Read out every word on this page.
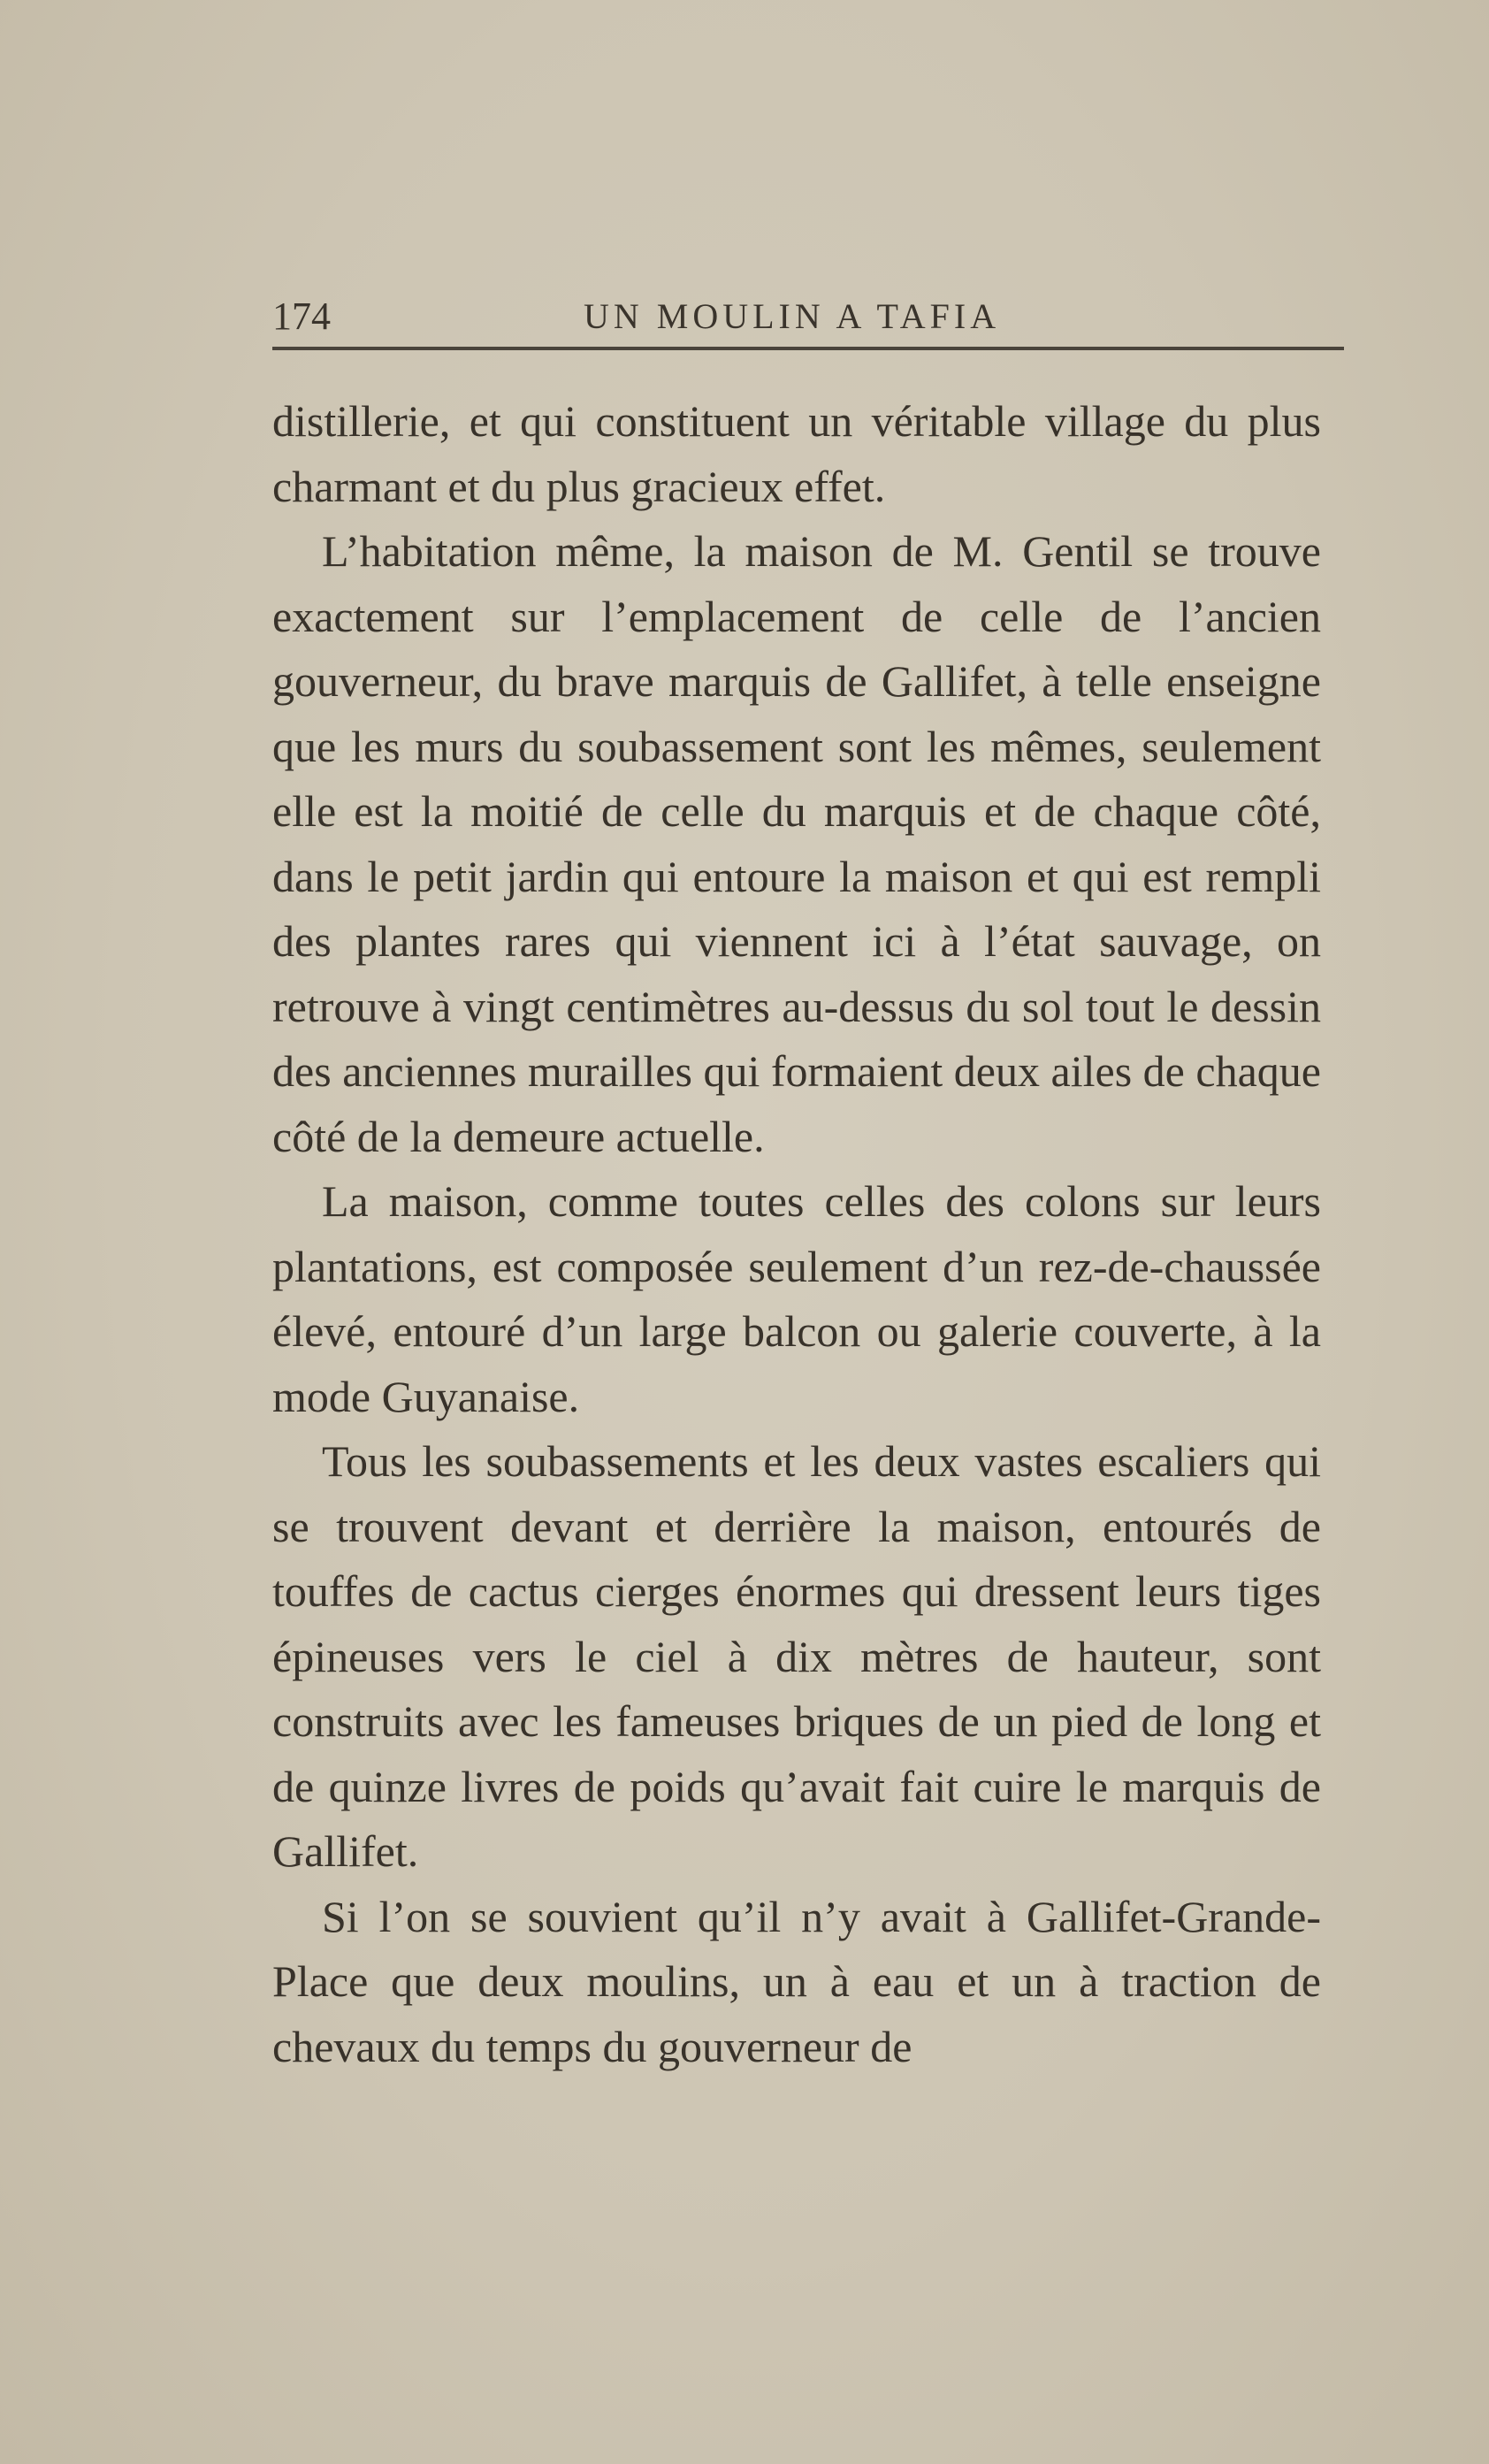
174	UN MOULIN A TAFIA

distillerie, et qui constituent un véritable village du plus charmant et du plus gracieux effet.

L’habitation même, la maison de M. Gentil se trouve exactement sur l’emplacement de celle de l’ancien gouverneur, du brave marquis de Gallifet, à telle enseigne que les murs du soubassement sont les mêmes, seulement elle est la moitié de celle du marquis et de chaque côté, dans le petit jardin qui entoure la maison et qui est rempli des plantes rares qui viennent ici à l’état sauvage, on retrouve à vingt centimètres au-dessus du sol tout le dessin des anciennes murailles qui formaient deux ailes de chaque côté de la demeure actuelle.

La maison, comme toutes celles des colons sur leurs plantations, est composée seulement d’un rez-de-chaussée élevé, entouré d’un large balcon ou galerie couverte, à la mode Guyanaise.

Tous les soubassements et les deux vastes escaliers qui se trouvent devant et derrière la maison, entourés de touffes de cactus cierges énormes qui dressent leurs tiges épineuses vers le ciel à dix mètres de hauteur, sont construits avec les fameuses briques de un pied de long et de quinze livres de poids qu’avait fait cuire le marquis de Gallifet.

Si l’on se souvient qu’il n’y avait à Gallifet-Grande-Place que deux moulins, un à eau et un à traction de chevaux du temps du gouverneur de
